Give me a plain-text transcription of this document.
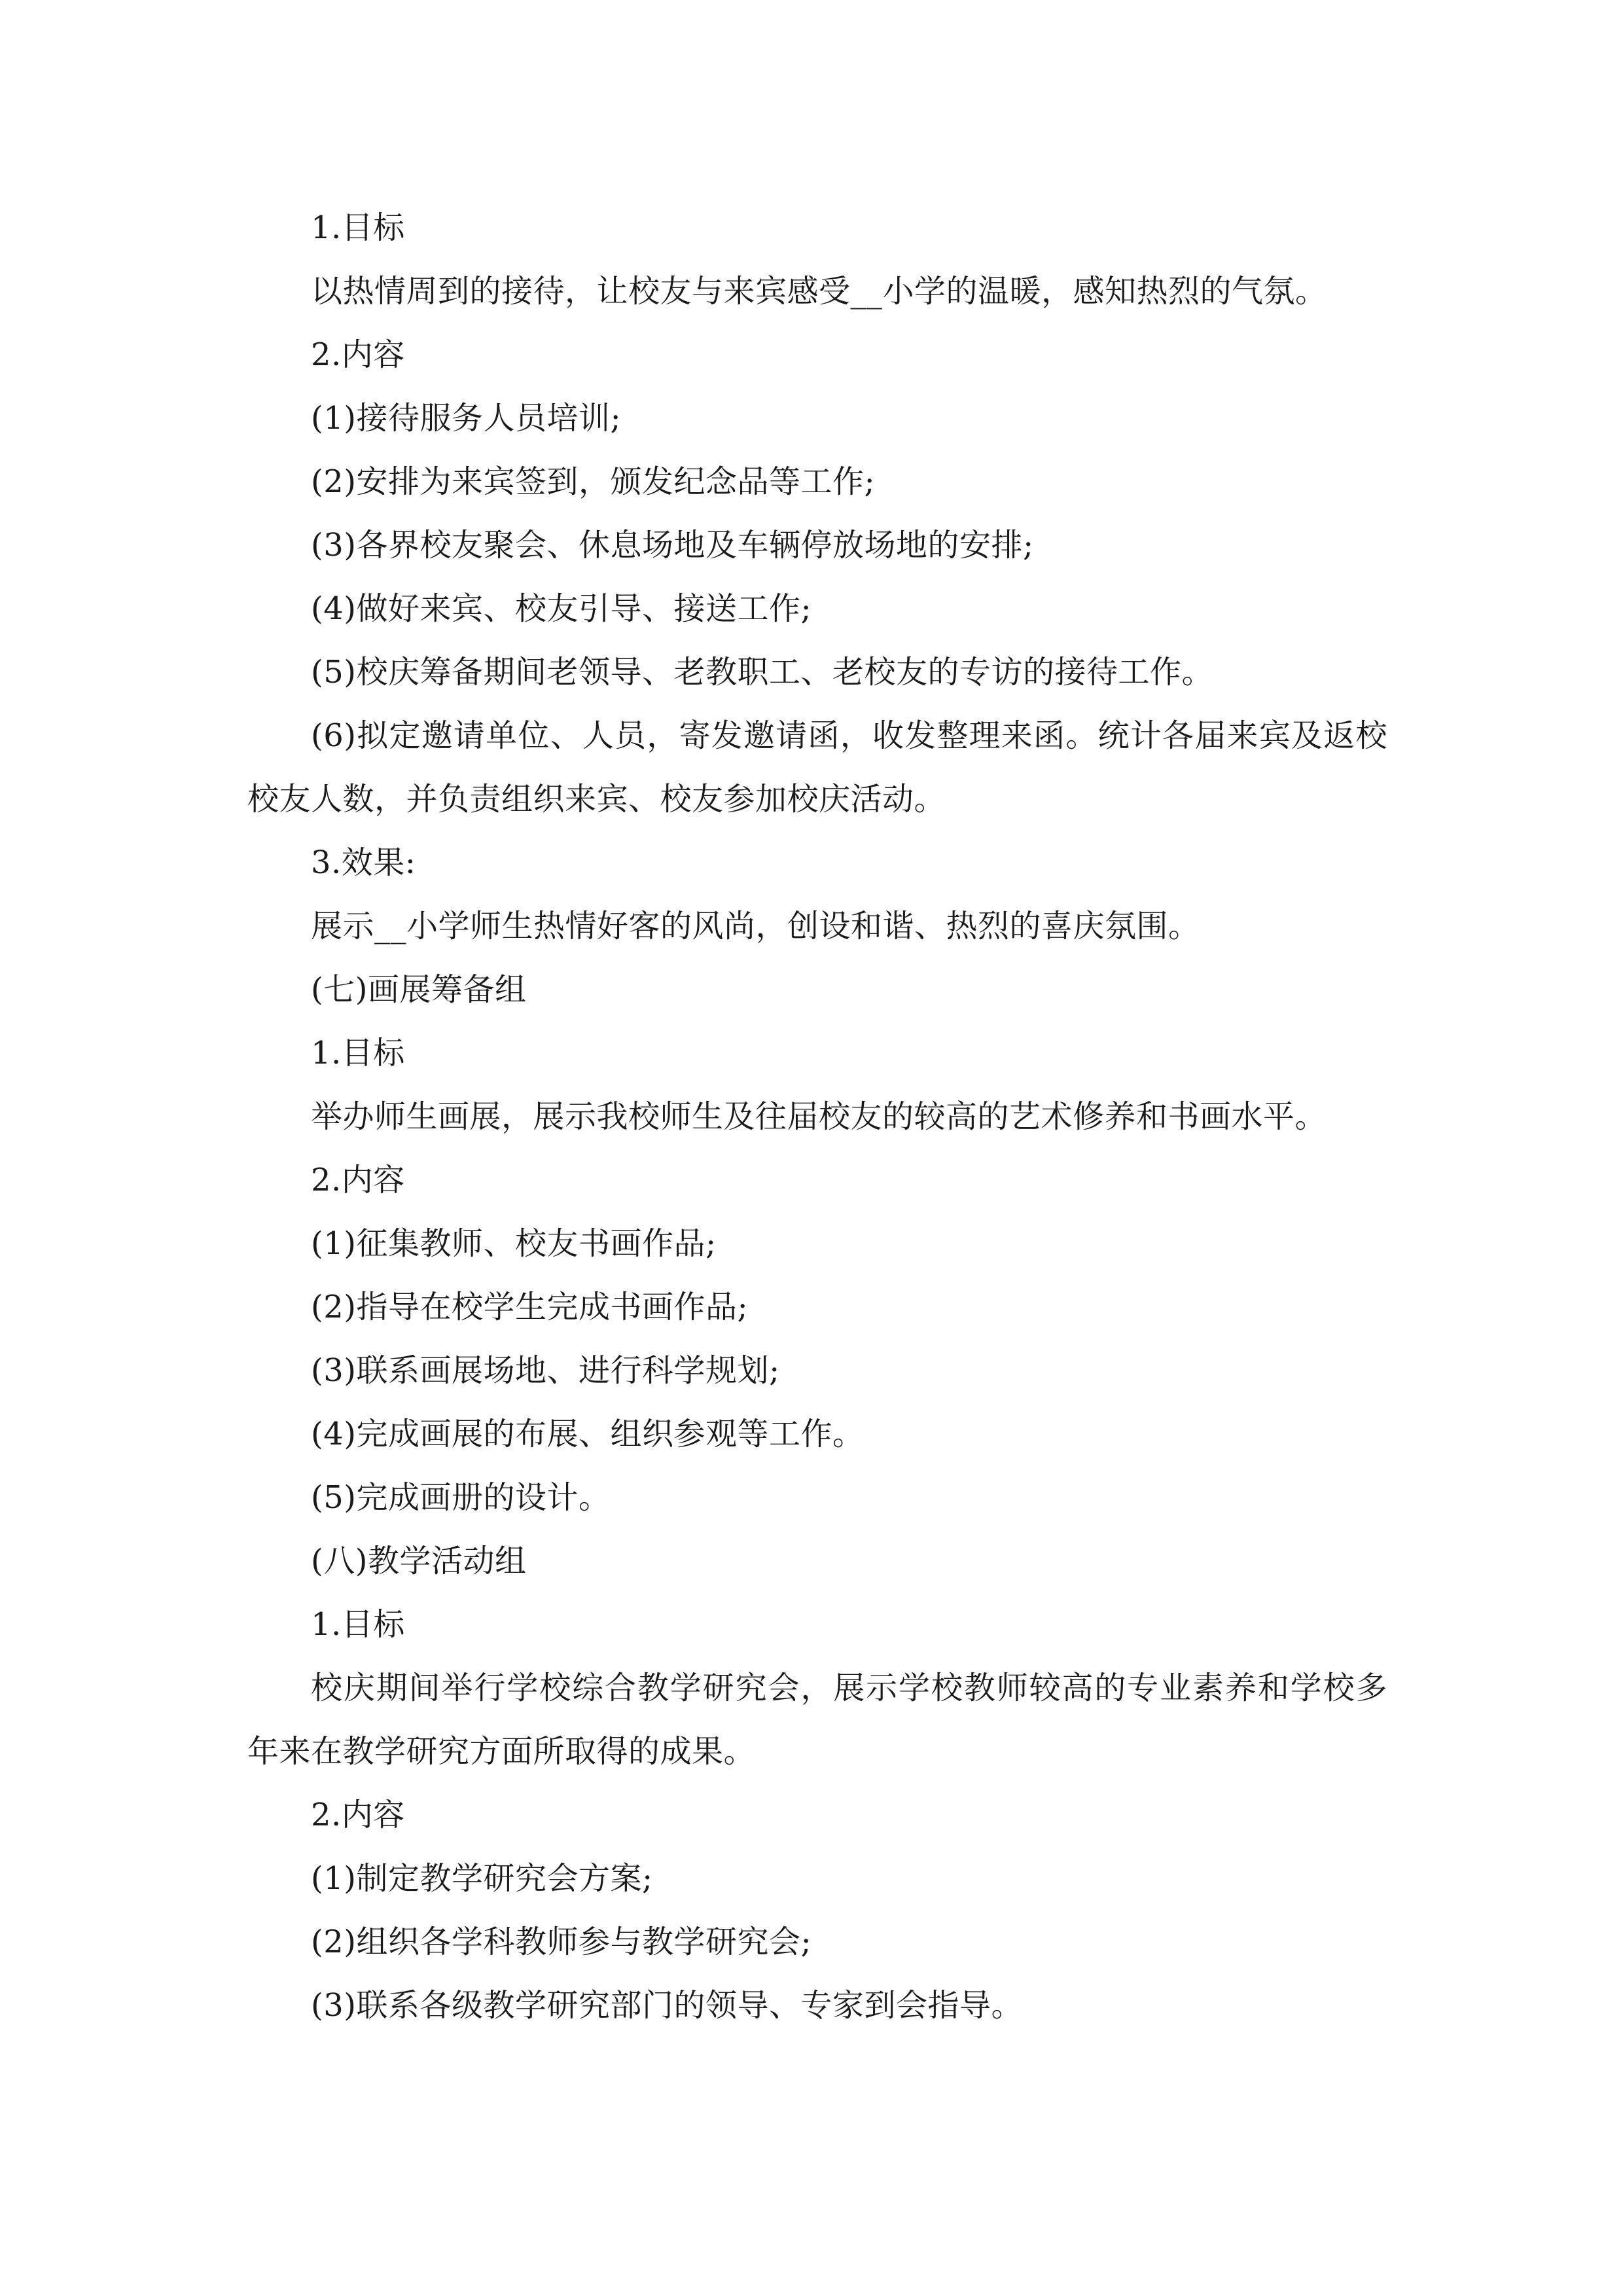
1.目标
以热情周到的接待，让校友与来宾感受__小学的温暖，感知热烈的气氛。
2.内容
(1)接待服务人员培训;
(2)安排为来宾签到，颁发纪念品等工作;
(3)各界校友聚会、休息场地及车辆停放场地的安排;
(4)做好来宾、校友引导、接送工作;
(5)校庆筹备期间老领导、老教职工、老校友的专访的接待工作。
(6)拟定邀请单位、人员，寄发邀请函，收发整理来函。统计各届来宾及返校校友人数，并负责组织来宾、校友参加校庆活动。
3.效果:
展示__小学师生热情好客的风尚，创设和谐、热烈的喜庆氛围。
(七)画展筹备组
1.目标
举办师生画展，展示我校师生及往届校友的较高的艺术修养和书画水平。
2.内容
(1)征集教师、校友书画作品;
(2)指导在校学生完成书画作品;
(3)联系画展场地、进行科学规划;
(4)完成画展的布展、组织参观等工作。
(5)完成画册的设计。
(八)教学活动组
1.目标
校庆期间举行学校综合教学研究会，展示学校教师较高的专业素养和学校多年来在教学研究方面所取得的成果。
2.内容
(1)制定教学研究会方案;
(2)组织各学科教师参与教学研究会;
(3)联系各级教学研究部门的领导、专家到会指导。
